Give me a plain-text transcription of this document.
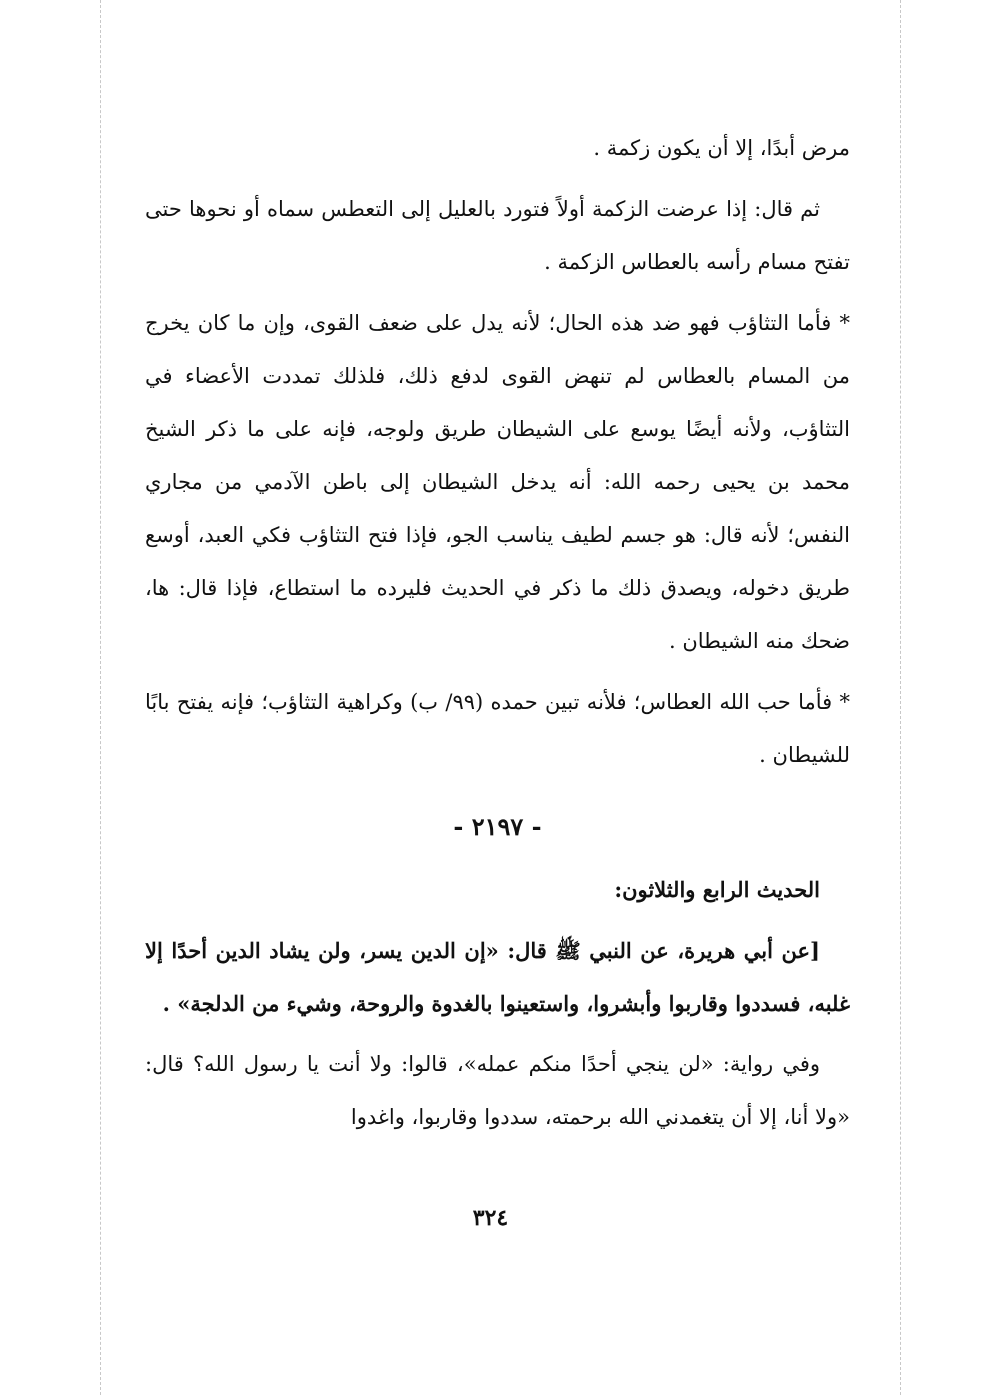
مرض أبدًا، إلا أن يكون زكمة .

ثم قال: إذا عرضت الزكمة أولاً فتورد بالعليل إلى التعطس سماه أو نحوها حتى تفتح مسام رأسه بالعطاس الزكمة .

* فأما التثاؤب فهو ضد هذه الحال؛ لأنه يدل على ضعف القوى، وإن ما كان يخرج من المسام بالعطاس لم تنهض القوى لدفع ذلك، فلذلك تمددت الأعضاء في التثاؤب، ولأنه أيضًا يوسع على الشيطان طريق ولوجه، فإنه على ما ذكر الشيخ محمد بن يحيى رحمه الله: أنه يدخل الشيطان إلى باطن الآدمي من مجاري النفس؛ لأنه قال: هو جسم لطيف يناسب الجو، فإذا فتح التثاؤب فكي العبد، أوسع طريق دخوله، ويصدق ذلك ما ذكر في الحديث فليرده ما استطاع، فإذا قال: ها، ضحك منه الشيطان .

* فأما حب الله العطاس؛ فلأنه تبين حمده (٩٩/ ب) وكراهية التثاؤب؛ فإنه يفتح بابًا للشيطان .

- ٢١٩٧ -
الحديث الرابع والثلاثون:

[عن أبي هريرة، عن النبي ﷺ قال: «إن الدين يسر، ولن يشاد الدين أحدًا إلا غلبه، فسددوا وقاربوا وأبشروا، واستعينوا بالغدوة والروحة، وشيء من الدلجة» .

وفي رواية: «لن ينجي أحدًا منكم عمله»، قالوا: ولا أنت يا رسول الله؟ قال: «ولا أنا، إلا أن يتغمدني الله برحمته، سددوا وقاربوا، واغدوا

٣٢٤
